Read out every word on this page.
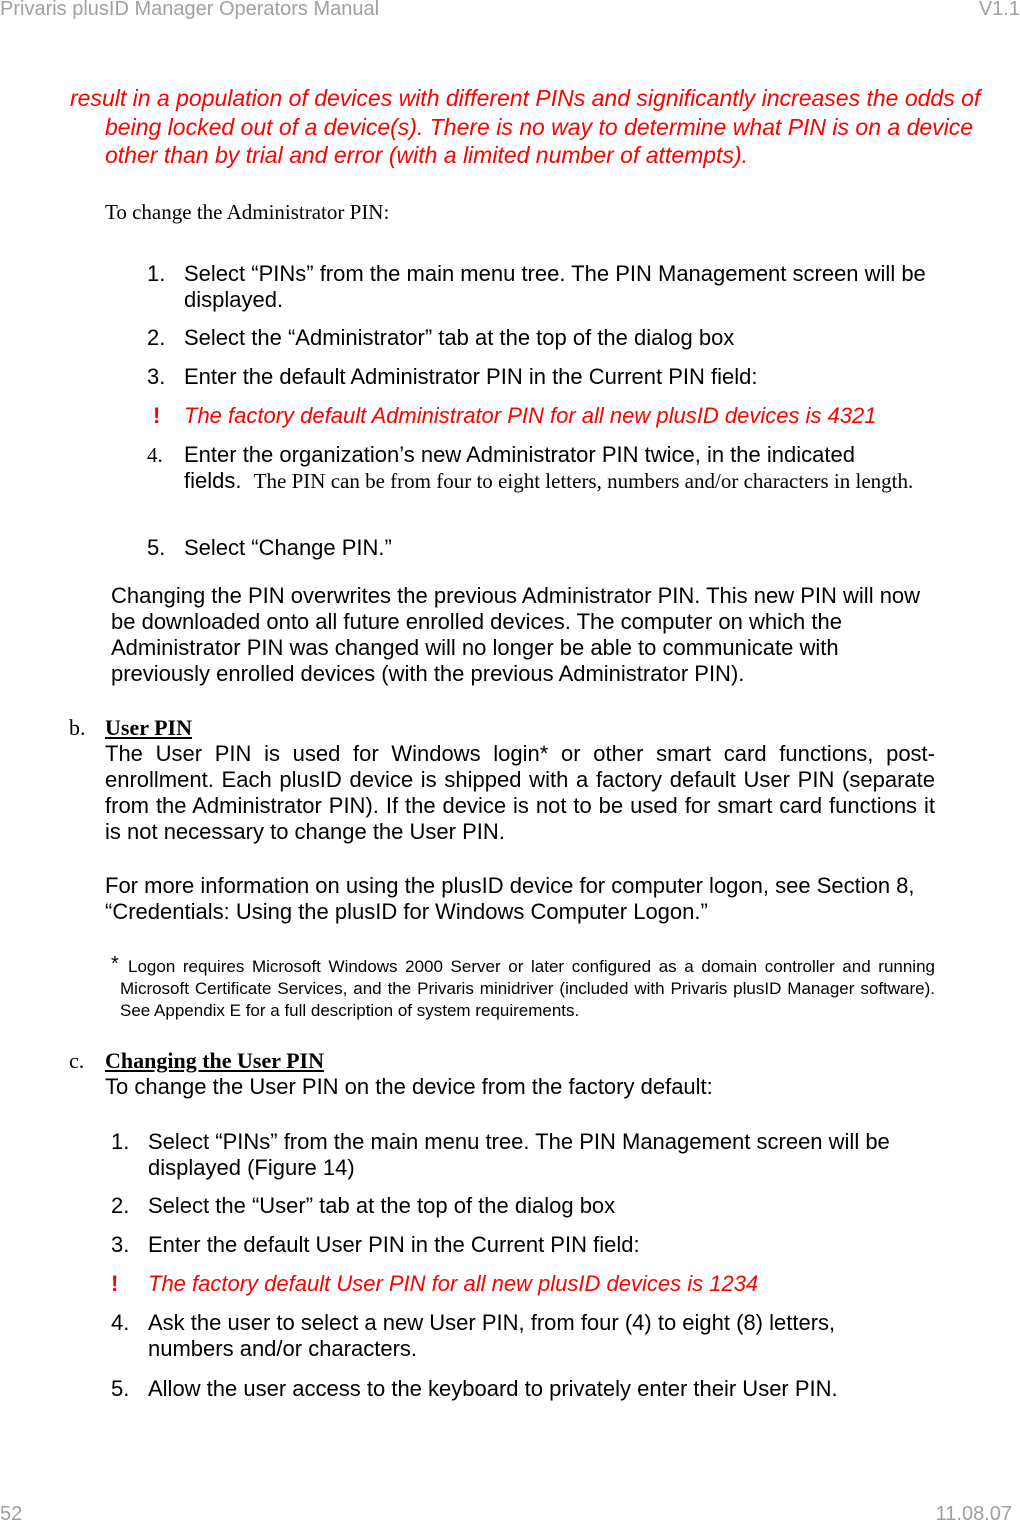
Privaris plusID Manager Operators Manual	V1.1
result in a population of devices with different PINs and significantly increases the odds of being locked out of a device(s). There is no way to determine what PIN is on a device other than by trial and error (with a limited number of attempts).
To change the Administrator PIN:
1. Select “PINs” from the main menu tree. The PIN Management screen will be displayed.
2. Select the “Administrator” tab at the top of the dialog box
3. Enter the default Administrator PIN in the Current PIN field:
! The factory default Administrator PIN for all new plusID devices is 4321
4. Enter the organization’s new Administrator PIN twice, in the indicated fields. The PIN can be from four to eight letters, numbers and/or characters in length.
5. Select “Change PIN.”
Changing the PIN overwrites the previous Administrator PIN. This new PIN will now be downloaded onto all future enrolled devices. The computer on which the Administrator PIN was changed will no longer be able to communicate with previously enrolled devices (with the previous Administrator PIN).
b. User PIN
The User PIN is used for Windows login* or other smart card functions, post-enrollment. Each plusID device is shipped with a factory default User PIN (separate from the Administrator PIN). If the device is not to be used for smart card functions it is not necessary to change the User PIN.
For more information on using the plusID device for computer logon, see Section 8, “Credentials: Using the plusID for Windows Computer Logon.”
* Logon requires Microsoft Windows 2000 Server or later configured as a domain controller and running Microsoft Certificate Services, and the Privaris minidriver (included with Privaris plusID Manager software). See Appendix E for a full description of system requirements.
c. Changing the User PIN
To change the User PIN on the device from the factory default:
1. Select “PINs” from the main menu tree. The PIN Management screen will be displayed (Figure 14)
2. Select the “User” tab at the top of the dialog box
3. Enter the default User PIN in the Current PIN field:
! The factory default User PIN for all new plusID devices is 1234
4. Ask the user to select a new User PIN, from four (4) to eight (8) letters, numbers and/or characters.
5. Allow the user access to the keyboard to privately enter their User PIN.
52	11.08.07
